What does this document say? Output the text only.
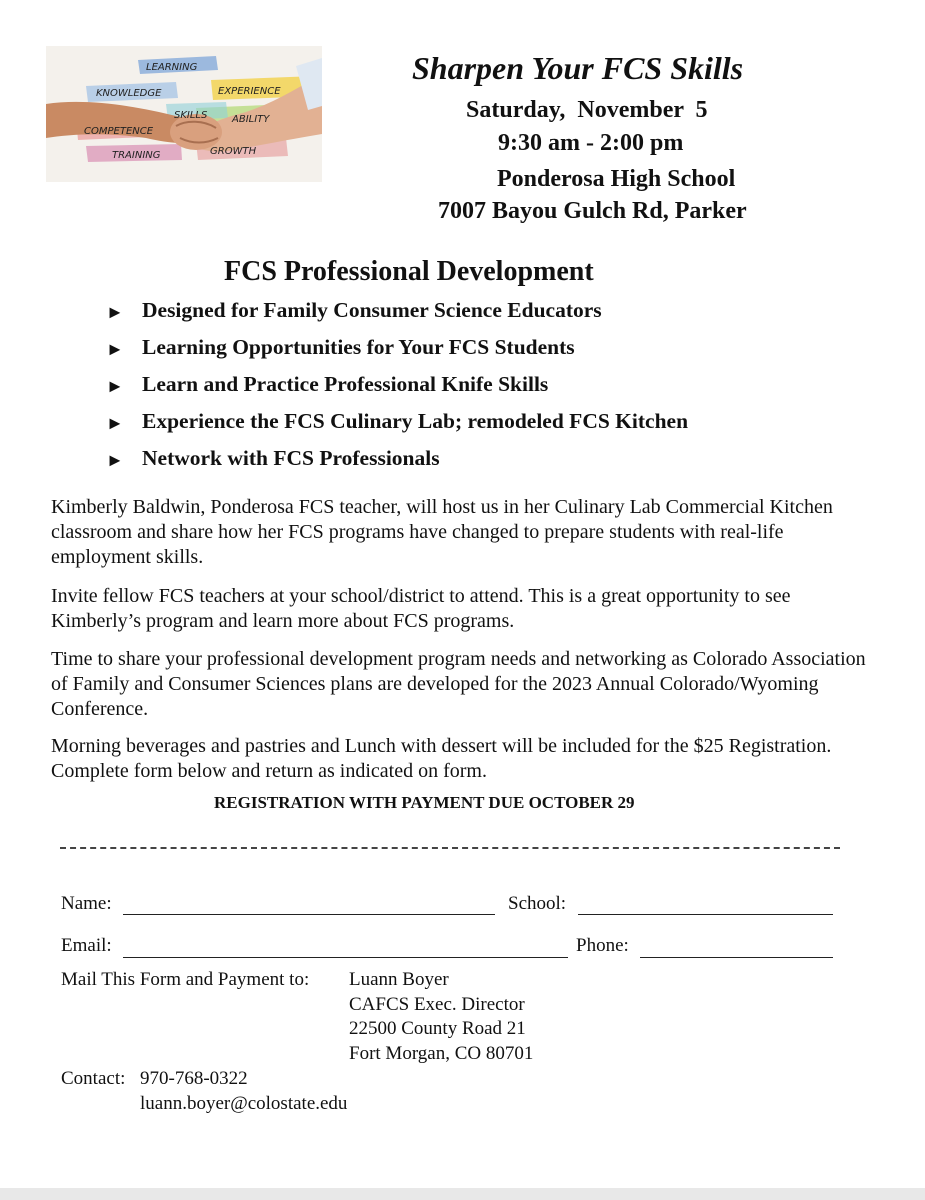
LEARNING
KNOWLEDGE	EXPERIENCE
SKILLS ABILITY
COMPETENCE
TRAINING	GROWTH
Sharpen Your FCS Skills
Saturday,  November  5
9:30 am - 2:00 pm
Ponderosa High School
7007 Bayou Gulch Rd, Parker
FCS Professional Development
► Designed for Family Consumer Science Educators
► Learning Opportunities for Your FCS Students
► Learn and Practice Professional Knife Skills
► Experience the FCS Culinary Lab; remodeled FCS Kitchen
► Network with FCS Professionals

Kimberly Baldwin, Ponderosa FCS teacher, will host us in her Culinary Lab Commercial Kitchen classroom and share how her FCS programs have changed to prepare students with real-life employment skills.

Invite fellow FCS teachers at your school/district to attend. This is a great opportunity to see Kimberly’s program and learn more about FCS programs.

Time to share your professional development program needs and networking as Colorado Association of Family and Consumer Sciences plans are developed for the 2023 Annual Colorado/Wyoming Conference.

Morning beverages and pastries and Lunch with dessert will be included for the $25 Registration. Complete form below and return as indicated on form.

REGISTRATION WITH PAYMENT DUE OCTOBER 29
Name:	School:
Email:	Phone:
Mail This Form and Payment to: Luann Boyer
CAFCS Exec. Director
22500 County Road 21
Fort Morgan, CO 80701
Contact: 970-768-0322
luann.boyer@colostate.edu
